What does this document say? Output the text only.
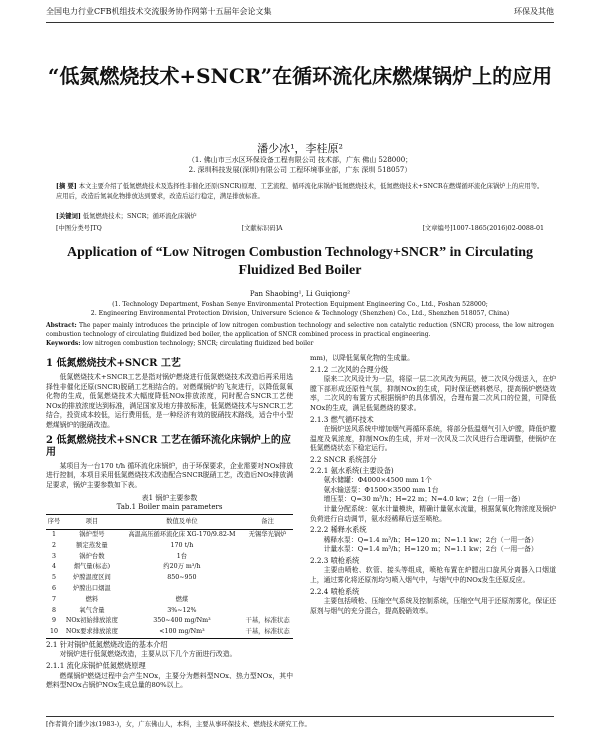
全国电力行业CFB机组技术交流服务协作网第十五届年会论文集	环保及其他
“低氮燃烧技术+SNCR”在循环流化床燃煤锅炉上的应用
潘少冰¹，李桂原²
（1. 佛山市三水区环保设备工程有限公司 技术部，广东 佛山 528000；
2. 深圳科技发展(深圳)有限公司 工程环境事业部，广东 深圳 518057）
[摘 要] 本文主要介绍了低氮燃烧技术及选择性非催化还原(SNCR)原理、工艺流程、循环流化床锅炉低氮燃烧技术，低氮燃烧技术+SNCR在燃煤循环流化床锅炉上的应用等。应用后，改造后氮氧化物排放达到要求，改造后运行稳定，满足排放标准。
[关键词] 低氮燃烧技术；SNCR；循环流化床锅炉
[中图分类号]TQ	[文献标识码]A	[文章编号]1007-1865(2016)02-0088-01
Application of “Low Nitrogen Combustion Technology+SNCR” in Circulating Fluidized Bed Boiler
Pan Shaobing¹, Li Guiqiong²
(1. Technology Department, Foshan Senye Environmental Protection Equipment Engineering Co., Ltd., Foshan 528000;
2. Engineering Environmental Protection Division, Universure Science & Technology (Shenzhen) Co., Ltd., Shenzhen 518057, China)
Abstract: The paper mainly introduces the principle of low nitrogen combustion technology and selective non catalytic reduction (SNCR) process, the low nitrogen combustion technology of circulating fluidized bed boiler, the application of SNCR combined process in practical engineering.
Keywords: low nitrogen combustion technology; SNCR; circulating fluidized bed boiler
1 低氮燃烧技术+SNCR 工艺

低氮燃烧技术+SNCR工艺是指对锅炉燃烧进行低氮燃烧技术改造后再采用选择性非催化还原(SNCR)脱硝工艺相结合的。对燃煤锅炉的飞灰进行，以降低氮氧化物的生成，低氮燃烧技术大幅度降低NOx排放浓度，同时配合SNCR工艺使NOx的排放浓度达到标准，满足国家及地方排放标准，低氮燃烧技术与SNCR工艺结合，投资成本较低，运行费用低，是一种经济有效的脱硝技术路线，适合中小型燃煤锅炉的脱硝改造。

2 低氮燃烧技术+SNCR 工艺在循环流化床锅炉上的应用

某项目为一台170 t/h 循环流化床锅炉，由于环保要求，企业需要对NOx排放进行控制，本项目采用低氮燃烧技术改造配合SNCR脱硝工艺，改造后NOx排放满足要求，锅炉主要参数如下表。

表1 锅炉主要参数
Tab.1 Boiler main parameters
序号	项目	数值及单位	备注
1	锅炉型号	高温高压循环流化床 XG-170/9.82-M	无锡华光锅炉
2	额定蒸发量	170 t/h	
3	锅炉台数	1台	
4	烟气量(标态)	约20万 m³/h	
5	炉膛温度区间	850~950	
6	炉膛出口烟温		
7	燃料	燃煤	
8	氧气含量	3%~12%	
9	NOx初始排放浓度	350~400 mg/Nm³	干基，标准状态
10	NOx要求排放浓度	<100 mg/Nm³	干基，标准状态
2.1 针对锅炉低氮燃烧改造的基本介绍

对锅炉进行低氮燃烧改造，主要从以下几个方面进行改造。

2.1.1 流化床锅炉低氮燃烧原理

燃煤锅炉燃烧过程中会产生NOx，主要分为燃料型NOx、热力型NOx，其中燃料型NOx占锅炉NOx生成总量的80%以上。

mm)，以降低氮氧化物的生成量。

2.1.2 二次风的合理分级

原来二次风设计为一层，将原一层二次风改为两层，使二次风分级送入，在炉膛下部形成还原性气氛，抑制NOx的生成，同时保证燃料燃尽，提高锅炉燃烧效率，二次风的布置方式根据锅炉的具体情况，合理布置二次风口的位置，可降低NOx的生成，满足低氮燃烧的要求。

2.1.3 燃气循环技术

在锅炉送风系统中增加烟气再循环系统，将部分低温烟气引入炉膛，降低炉膛温度及氧浓度，抑制NOx的生成，并对一次风及二次风进行合理调整，使锅炉在低氮燃烧状态下稳定运行。

2.2 SNCR 系统部分
2.2.1 氨水系统(主要设备)

氨水储罐：Φ4000×4500 mm 1个

氨水输送泵：Φ1500×3500 mm 1台

增压泵：Q=30 m³/h；H=22 m；N=4.0 kw；2台（一用一备）

计量分配系统：氨水计量模块，精确计量氨水流量，根据氮氧化物浓度及锅炉负荷进行自动调节，氨水经稀释后送至喷枪。

2.2.2 稀释水系统

稀释水泵：Q=1.4 m³/h；H=120 m；N=1.1 kw；2台（一用一备）

计量水泵：Q=1.4 m³/h；H=120 m；N=1.1 kw；2台（一用一备）

2.2.3 喷枪系统

主要由喷枪、软管、接头等组成，喷枪布置在炉膛出口旋风分离器入口烟道上，通过雾化将还原剂均匀喷入烟气中，与烟气中的NOx发生还原反应。

2.2.4 喷枪系统

主要包括喷枪、压缩空气系统及控制系统，压缩空气用于还原剂雾化，保证还原剂与烟气的充分混合，提高脱硝效率。

[作者简介]潘少冰(1983-)，女，广东佛山人，本科，主要从事环保技术、燃烧技术研究工作。
